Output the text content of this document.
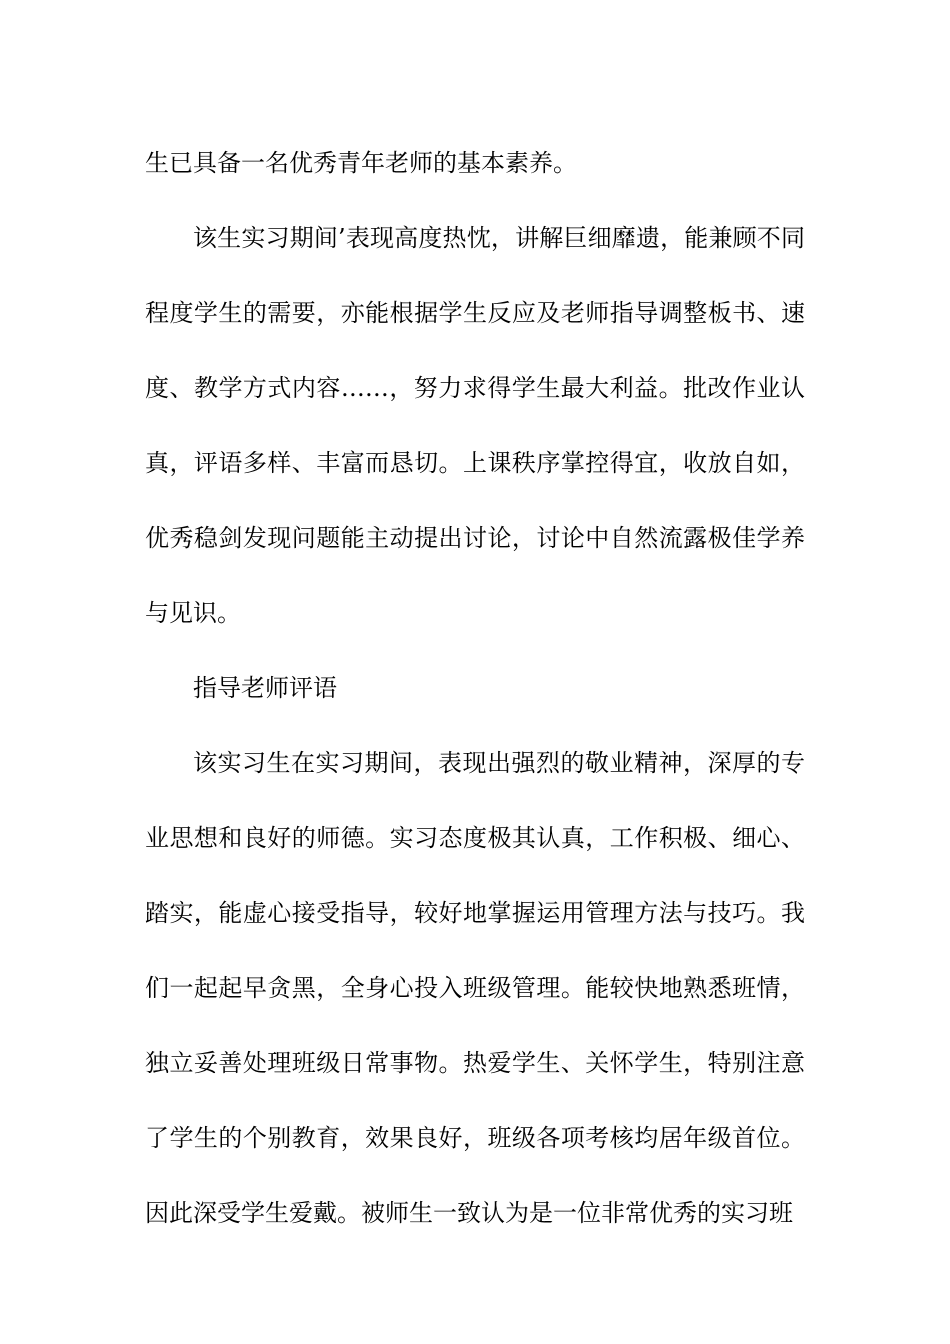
生已具备一名优秀青年老师的基本素养。

该生实习期间’表现高度热忱，讲解巨细靡遗，能兼顾不同程度学生的需要，亦能根据学生反应及老师指导调整板书、速度、教学方式内容……，努力求得学生最大利益。批改作业认真，评语多样、丰富而恳切。上课秩序掌控得宜，收放自如，优秀稳剑发现问题能主动提出讨论，讨论中自然流露极佳学养与见识。

指导老师评语

该实习生在实习期间，表现出强烈的敬业精神，深厚的专业思想和良好的师德。实习态度极其认真，工作积极、细心、踏实，能虚心接受指导，较好地掌握运用管理方法与技巧。我们一起起早贪黑，全身心投入班级管理。能较快地熟悉班情，独立妥善处理班级日常事物。热爱学生、关怀学生，特别注意了学生的个别教育，效果良好，班级各项考核均居年级首位。因此深受学生爱戴。被师生一致认为是一位非常优秀的实习班
